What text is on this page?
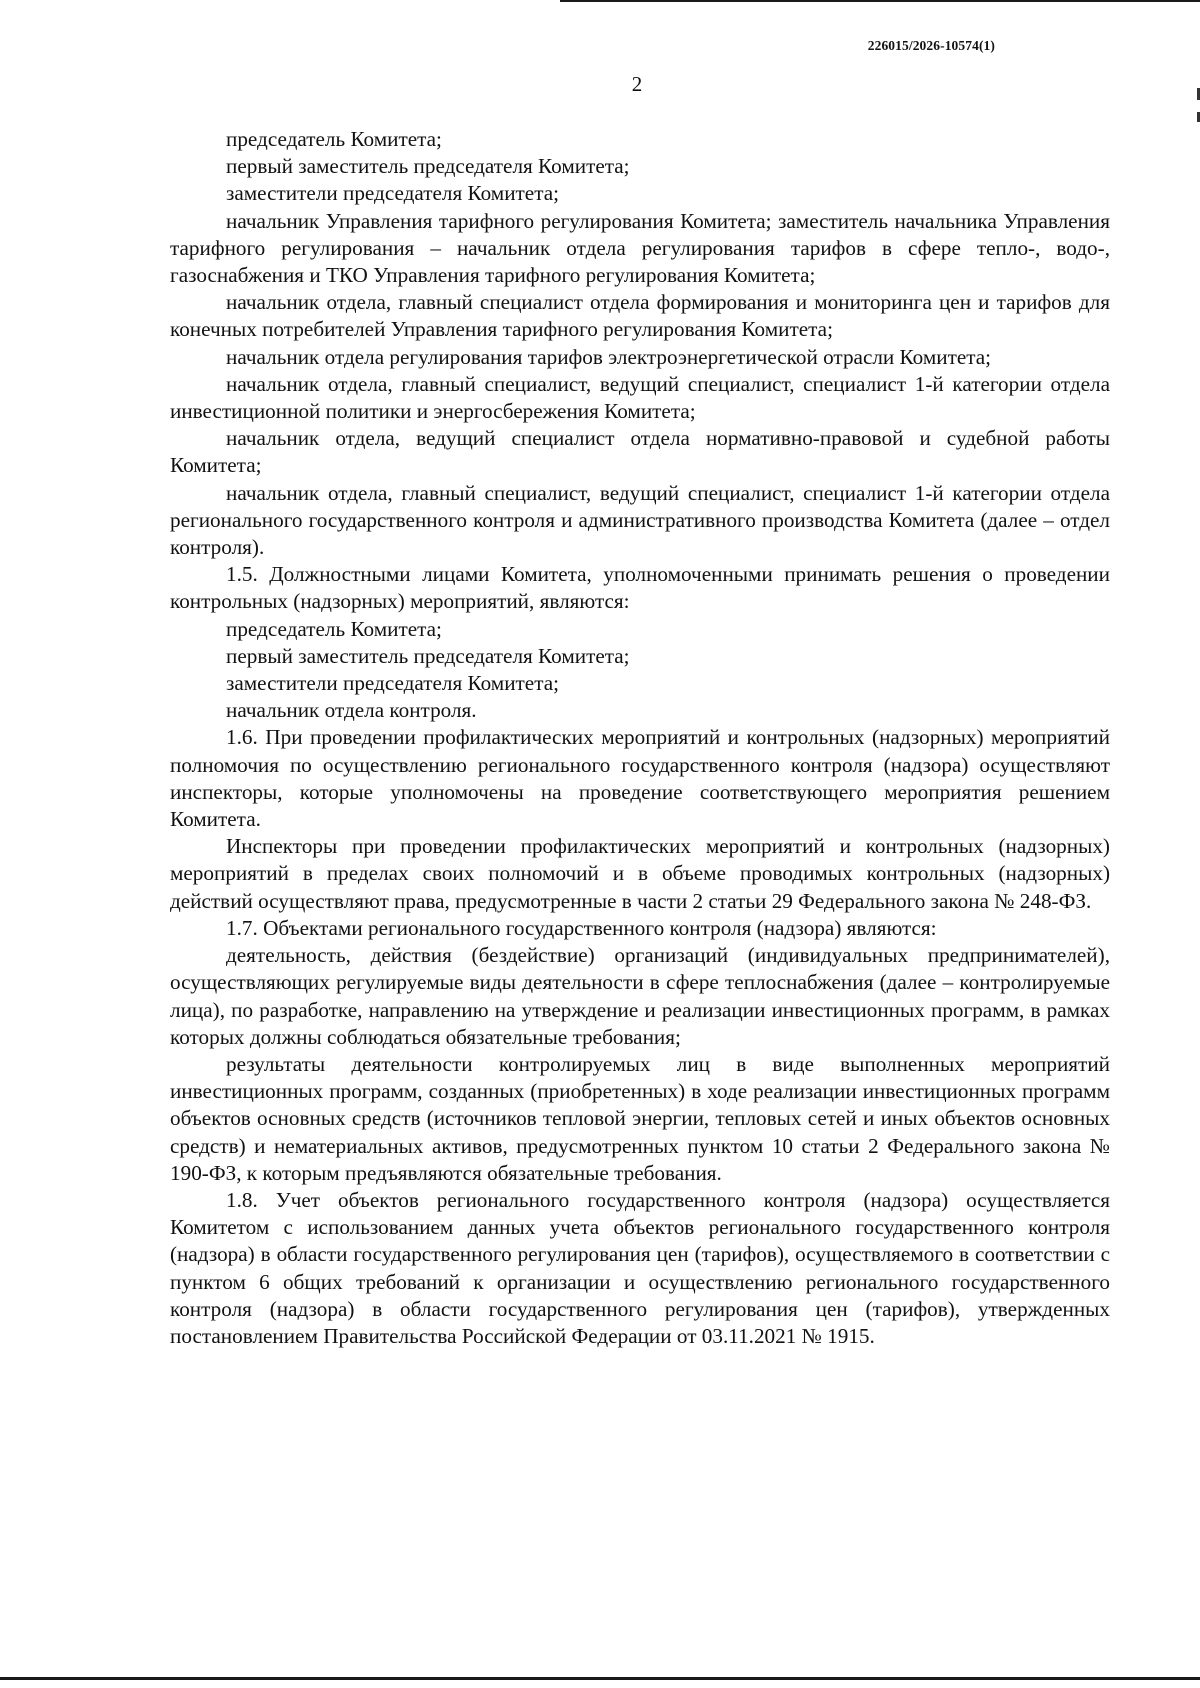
226015/2026-10574(1)
2

председатель Комитета;

первый заместитель председателя Комитета;

заместители председателя Комитета;

начальник Управления тарифного регулирования Комитета; заместитель начальника Управления тарифного регулирования – начальник отдела регулирования тарифов в сфере тепло-, водо-, газоснабжения и ТКО Управления тарифного регулирования Комитета;

начальник отдела, главный специалист отдела формирования и мониторинга цен и тарифов для конечных потребителей Управления тарифного регулирования Комитета;

начальник отдела регулирования тарифов электроэнергетической отрасли Комитета;

начальник отдела, главный специалист, ведущий специалист, специалист 1-й категории отдела инвестиционной политики и энергосбережения Комитета;

начальник отдела, ведущий специалист отдела нормативно-правовой и судебной работы Комитета;

начальник отдела, главный специалист, ведущий специалист, специалист 1-й категории отдела регионального государственного контроля и административного производства Комитета (далее – отдел контроля).

1.5. Должностными лицами Комитета, уполномоченными принимать решения о проведении контрольных (надзорных) мероприятий, являются:

председатель Комитета;

первый заместитель председателя Комитета;

заместители председателя Комитета;

начальник отдела контроля.

1.6. При проведении профилактических мероприятий и контрольных (надзорных) мероприятий полномочия по осуществлению регионального государственного контроля (надзора) осуществляют инспекторы, которые уполномочены на проведение соответствующего мероприятия решением Комитета.

Инспекторы при проведении профилактических мероприятий и контрольных (надзорных) мероприятий в пределах своих полномочий и в объеме проводимых контрольных (надзорных) действий осуществляют права, предусмотренные в части 2 статьи 29 Федерального закона № 248-ФЗ.

1.7. Объектами регионального государственного контроля (надзора) являются:

деятельность, действия (бездействие) организаций (индивидуальных предпринимателей), осуществляющих регулируемые виды деятельности в сфере теплоснабжения (далее – контролируемые лица), по разработке, направлению на утверждение и реализации инвестиционных программ, в рамках которых должны соблюдаться обязательные требования;

результаты деятельности контролируемых лиц в виде выполненных мероприятий инвестиционных программ, созданных (приобретенных) в ходе реализации инвестиционных программ объектов основных средств (источников тепловой энергии, тепловых сетей и иных объектов основных средств) и нематериальных активов, предусмотренных пунктом 10 статьи 2 Федерального закона № 190-ФЗ, к которым предъявляются обязательные требования.

1.8. Учет объектов регионального государственного контроля (надзора) осуществляется Комитетом с использованием данных учета объектов регионального государственного контроля (надзора) в области государственного регулирования цен (тарифов), осуществляемого в соответствии с пунктом 6 общих требований к организации и осуществлению регионального государственного контроля (надзора) в области государственного регулирования цен (тарифов), утвержденных постановлением Правительства Российской Федерации от 03.11.2021 № 1915.
